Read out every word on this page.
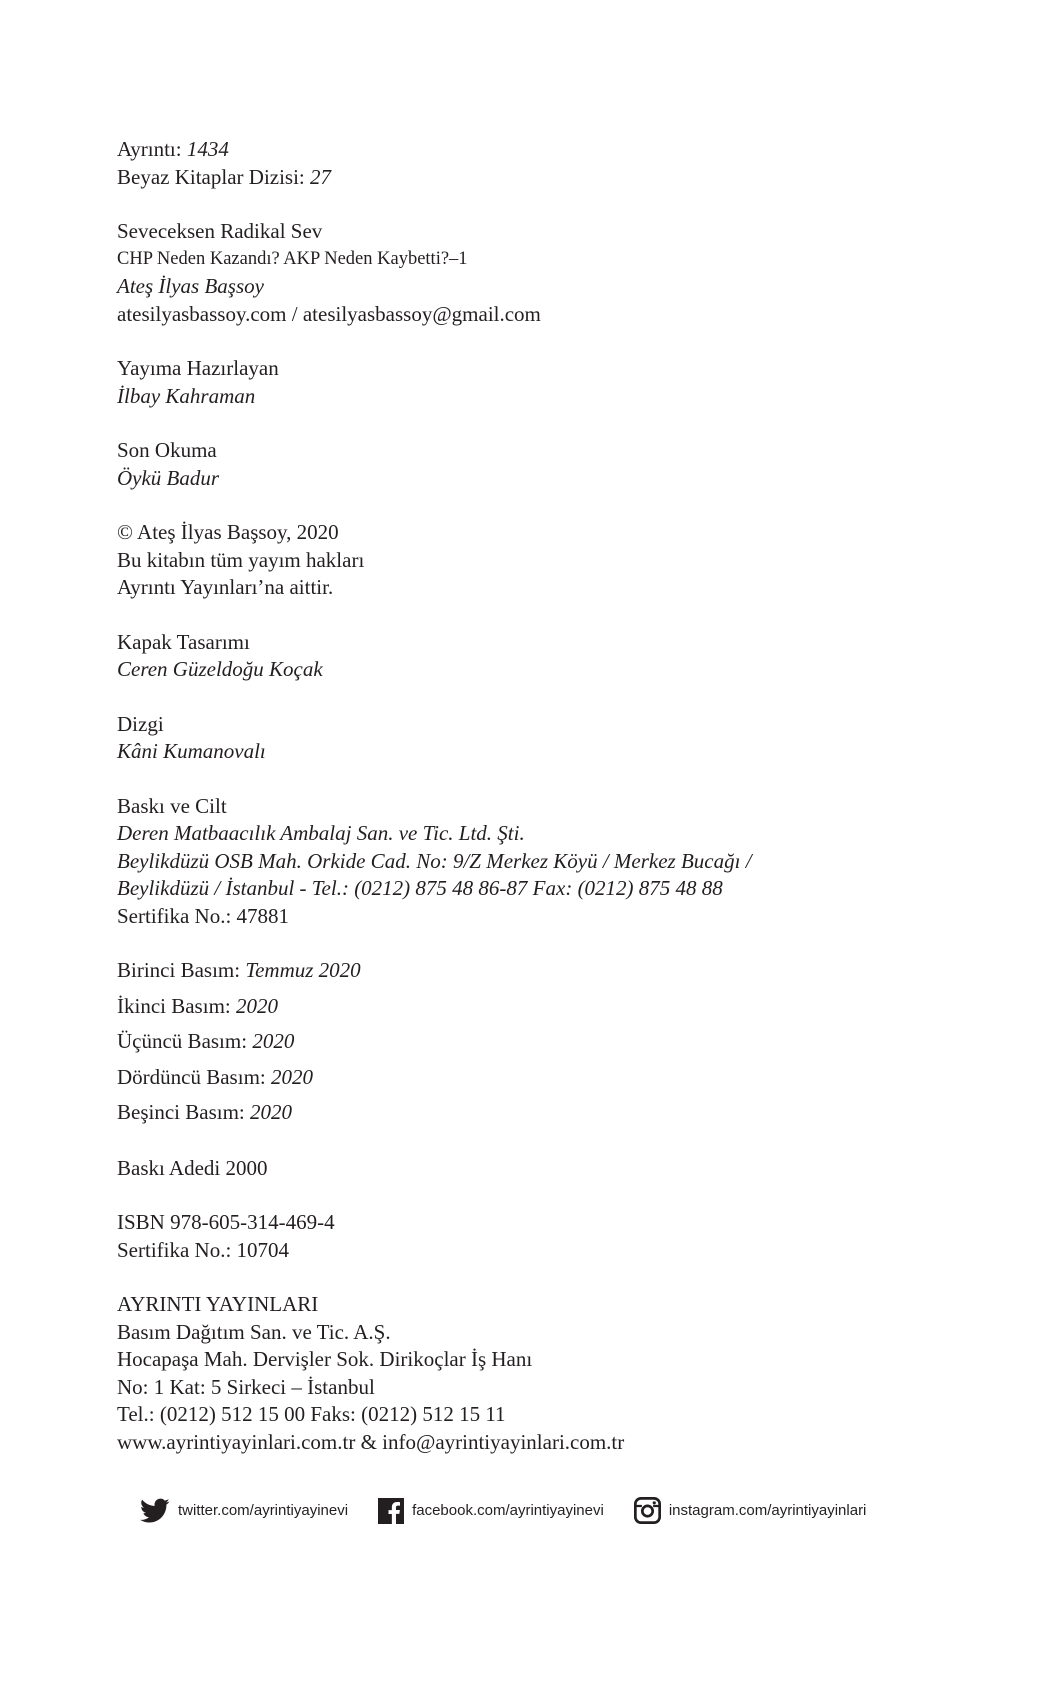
Ayrıntı: 1434
Beyaz Kitaplar Dizisi: 27
Seveceksen Radikal Sev
CHP Neden Kazandı? AKP Neden Kaybetti?–1
Ateş İlyas Başsoy
atesilyasbassoy.com / atesilyasbassoy@gmail.com
Yayıma Hazırlayan
İlbay Kahraman
Son Okuma
Öykü Badur
© Ateş İlyas Başsoy, 2020
Bu kitabın tüm yayım hakları
Ayrıntı Yayınları’na aittir.
Kapak Tasarımı
Ceren Güzeldoğu Koçak
Dizgi
Kâni Kumanovalı
Baskı ve Cilt
Deren Matbaacılık Ambalaj San. ve Tic. Ltd. Şti.
Beylikdüzü OSB Mah. Orkide Cad. No: 9/Z Merkez Köyü / Merkez Bucağı /
Beylikdüzü / İstanbul - Tel.: (0212) 875 48 86-87 Fax: (0212) 875 48 88
Sertifika No.: 47881
Birinci Basım: Temmuz 2020
İkinci Basım: 2020
Üçüncü Basım: 2020
Dördüncü Basım: 2020
Beşinci Basım: 2020
Baskı Adedi 2000
ISBN 978-605-314-469-4
Sertifika No.: 10704
AYRINTI YAYINLARI
Basım Dağıtım San. ve Tic. A.Ş.
Hocapaşa Mah. Dervişler Sok. Dirikoçlar İş Hanı
No: 1 Kat: 5 Sirkeci – İstanbul
Tel.: (0212) 512 15 00 Faks: (0212) 512 15 11
www.ayrintiyayinlari.com.tr & info@ayrintiyayinlari.com.tr
twitter.com/ayrintiyayinevi	facebook.com/ayrintiyayinevi	instagram.com/ayrintiyayinlari
